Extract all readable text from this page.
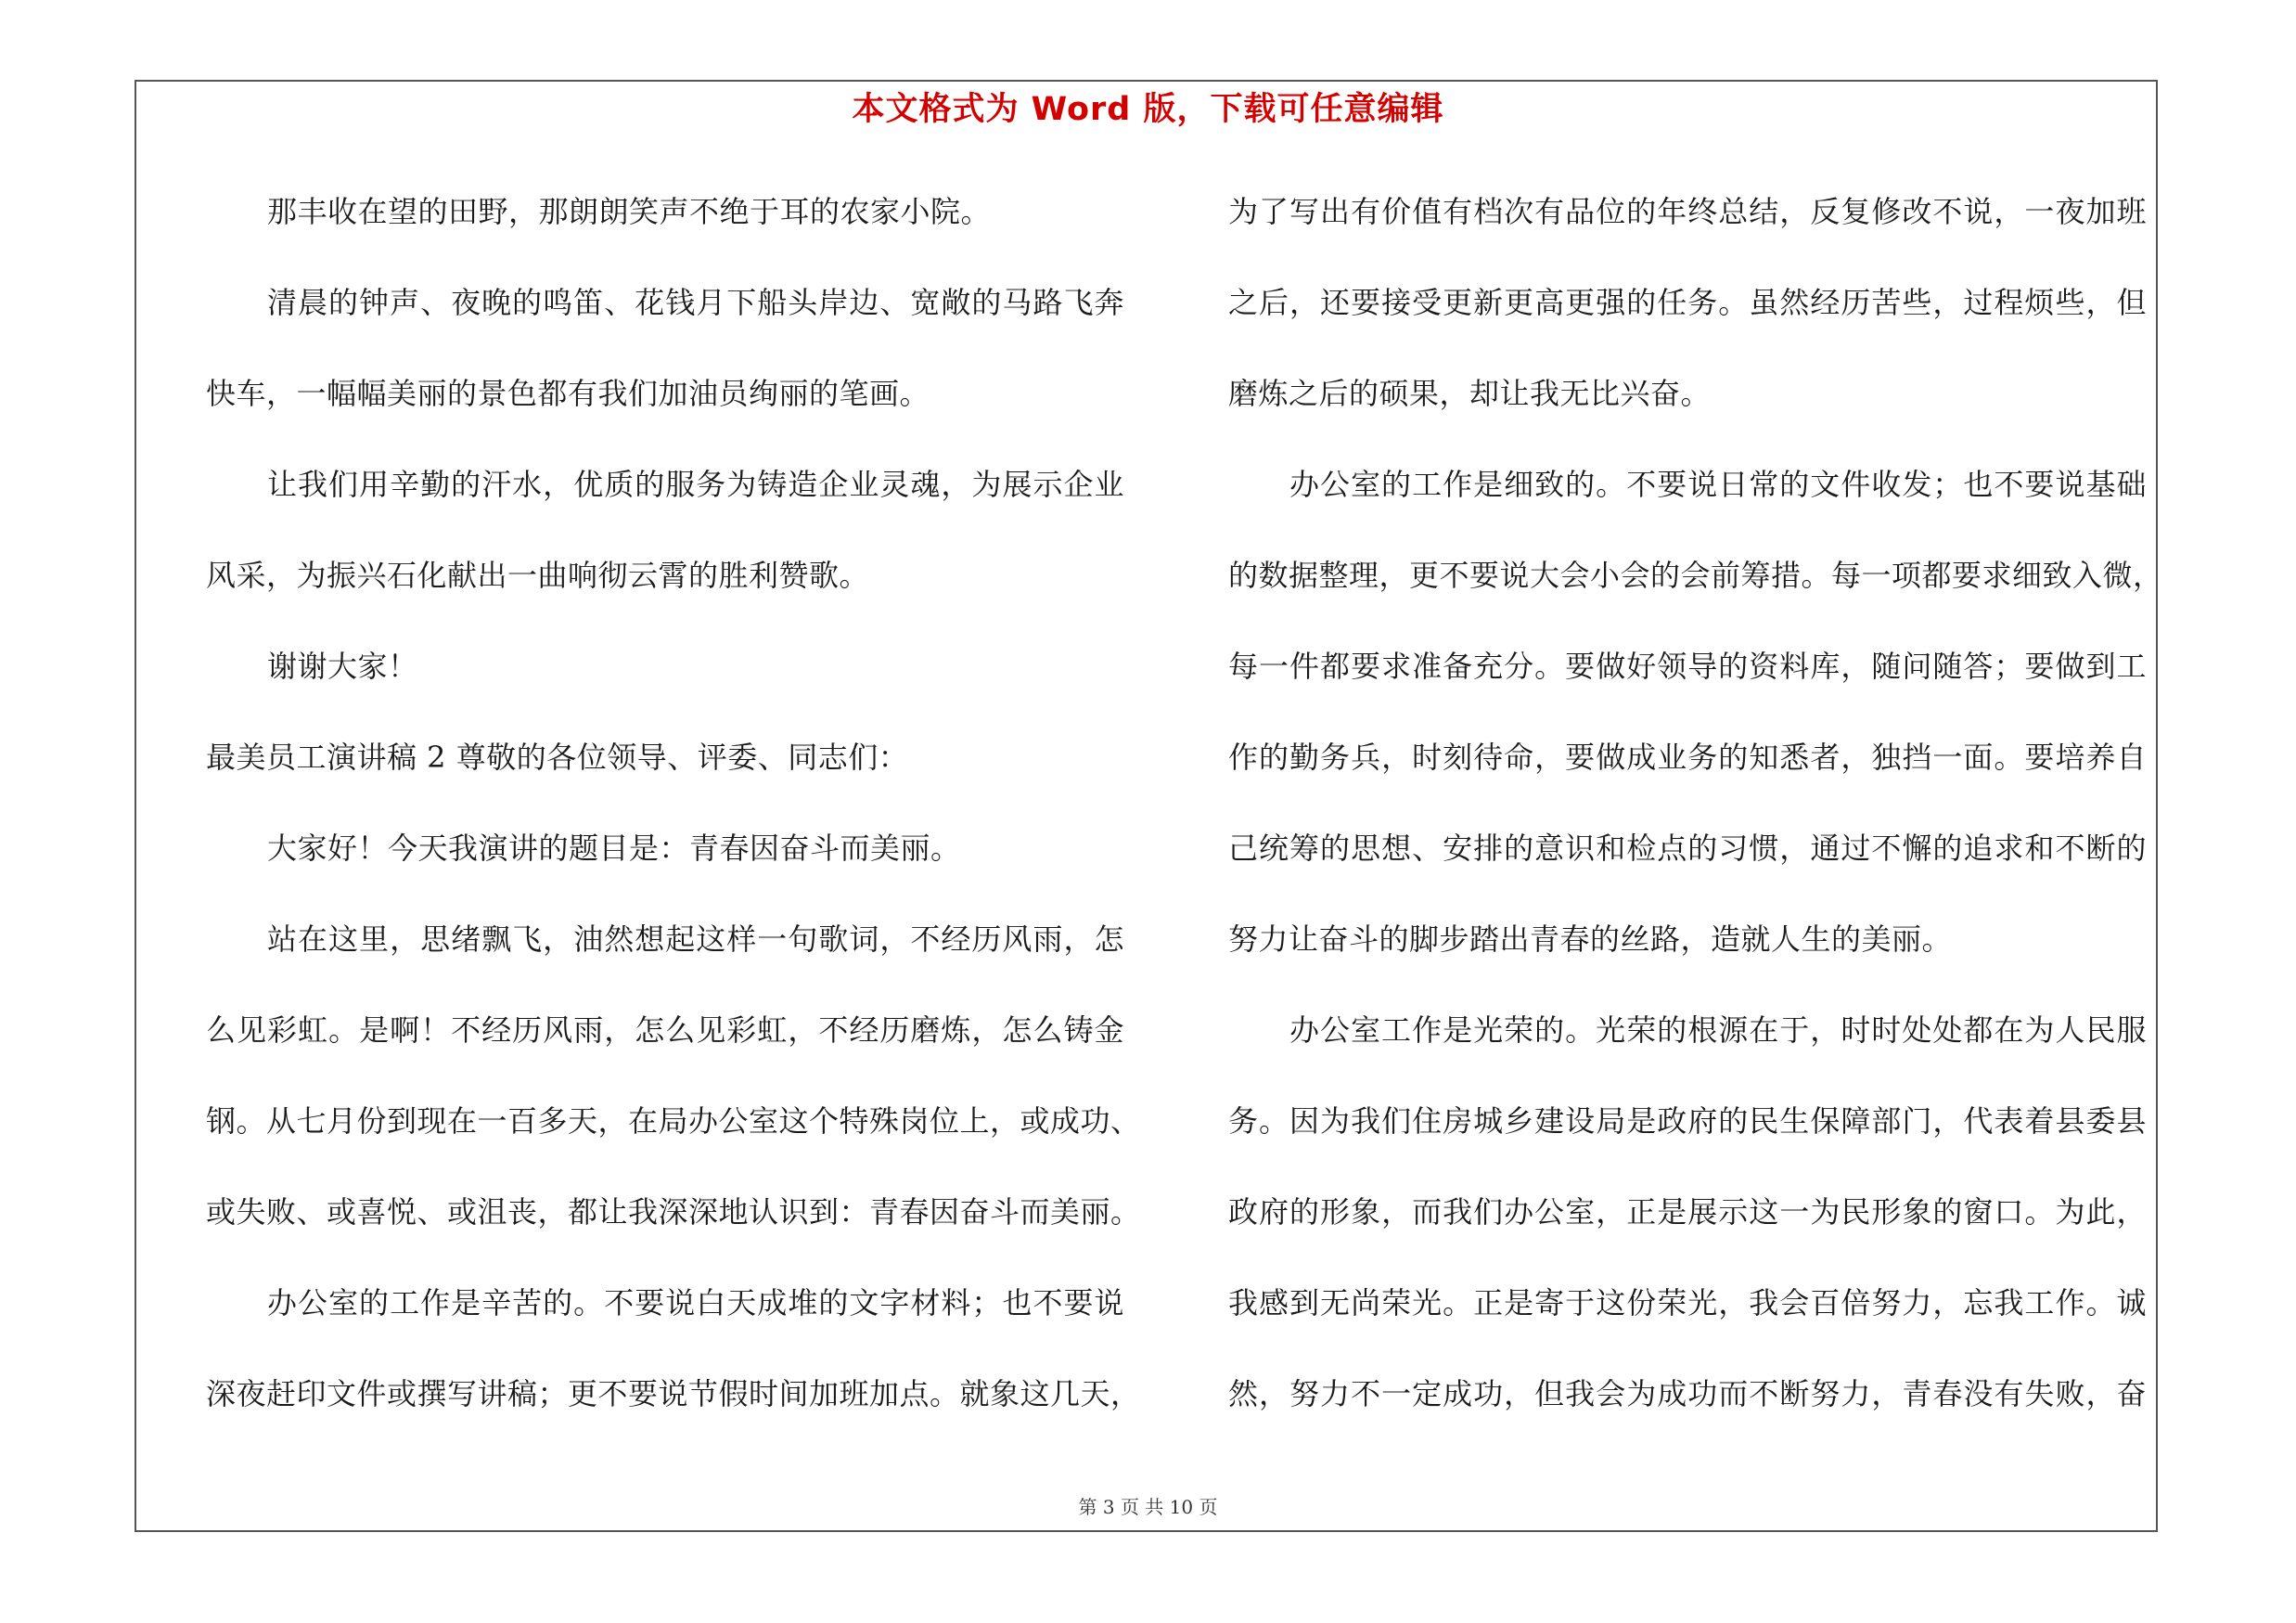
本文格式为 Word 版，下载可任意编辑
那丰收在望的田野，那朗朗笑声不绝于耳的农家小院。
清晨的钟声、夜晚的鸣笛、花钱月下船头岸边、宽敞的马路飞奔
快车，一幅幅美丽的景色都有我们加油员绚丽的笔画。
让我们用辛勤的汗水，优质的服务为铸造企业灵魂，为展示企业
风采，为振兴石化献出一曲响彻云霄的胜利赞歌。
谢谢大家！
最美员工演讲稿 2 尊敬的各位领导、评委、同志们：
大家好！今天我演讲的题目是：青春因奋斗而美丽。
站在这里，思绪飘飞，油然想起这样一句歌词，不经历风雨，怎
么见彩虹。是啊！不经历风雨，怎么见彩虹，不经历磨炼，怎么铸金
钢。从七月份到现在一百多天，在局办公室这个特殊岗位上，或成功、
或失败、或喜悦、或沮丧，都让我深深地认识到：青春因奋斗而美丽。
办公室的工作是辛苦的。不要说白天成堆的文字材料；也不要说
深夜赶印文件或撰写讲稿；更不要说节假时间加班加点。就象这几天，
为了写出有价值有档次有品位的年终总结，反复修改不说，一夜加班
之后，还要接受更新更高更强的任务。虽然经历苦些，过程烦些，但
磨炼之后的硕果，却让我无比兴奋。
办公室的工作是细致的。不要说日常的文件收发；也不要说基础
的数据整理，更不要说大会小会的会前筹措。每一项都要求细致入微，
每一件都要求准备充分。要做好领导的资料库，随问随答；要做到工
作的勤务兵，时刻待命，要做成业务的知悉者，独挡一面。要培养自
己统筹的思想、安排的意识和检点的习惯，通过不懈的追求和不断的
努力让奋斗的脚步踏出青春的丝路，造就人生的美丽。
办公室工作是光荣的。光荣的根源在于，时时处处都在为人民服
务。因为我们住房城乡建设局是政府的民生保障部门，代表着县委县
政府的形象，而我们办公室，正是展示这一为民形象的窗口。为此，
我感到无尚荣光。正是寄于这份荣光，我会百倍努力，忘我工作。诚
然，努力不一定成功，但我会为成功而不断努力，青春没有失败，奋
第 3 页 共 10 页
